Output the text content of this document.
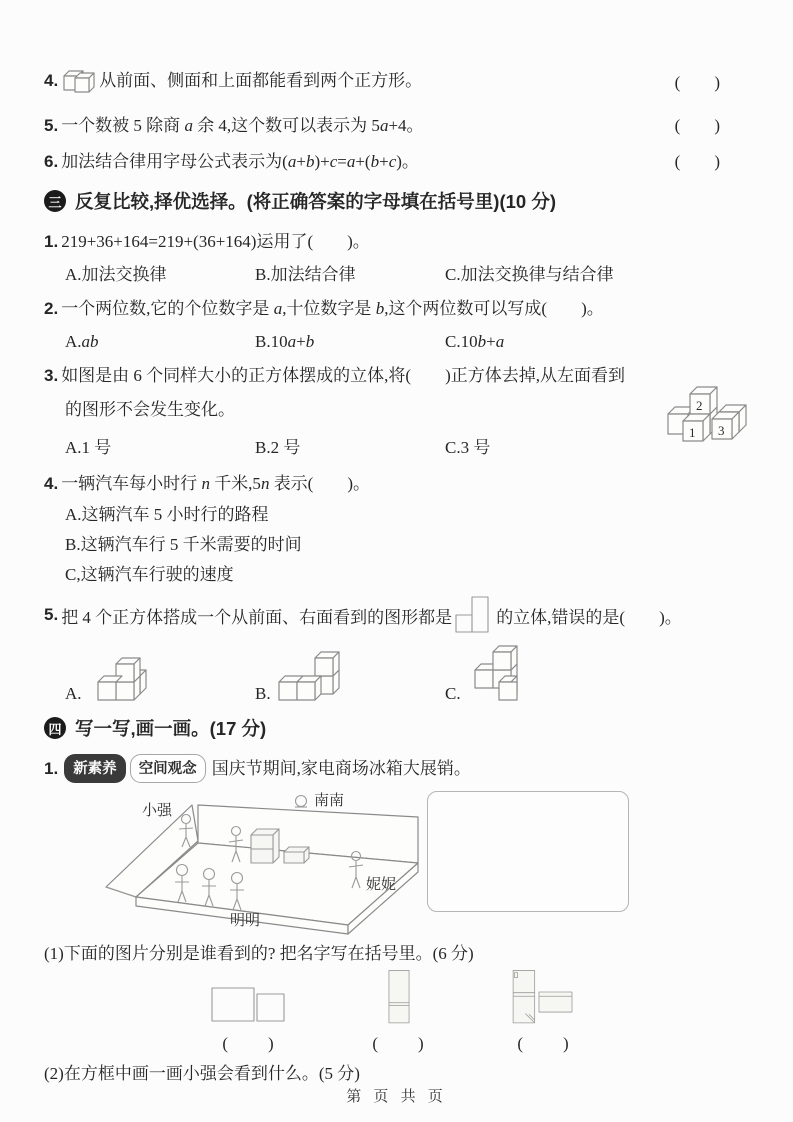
4. 从前面、侧面和上面都能看到两个正方形。	(　　)
5. 一个数被 5 除商 a 余 4,这个数可以表示为 5a+4。	(　　)
6. 加法结合律用字母公式表示为(a+b)+c=a+(b+c)。	(　　)
三 反复比较,择优选择。(将正确答案的字母填在括号里)(10 分)
1. 219+36+164=219+(36+164)运用了(　　)。
A.加法交换律	B.加法结合律	C.加法交换律与结合律
2. 一个两位数,它的个位数字是 a,十位数字是 b,这个两位数可以写成(　　)。
A.ab	B.10a+b	C.10b+a
3. 如图是由 6 个同样大小的正方体摆成的立体,将(　　)正方体去掉,从左面看到
的图形不会发生变化。
A.1 号	B.2 号	C.3 号
4. 一辆汽车每小时行 n 千米,5n 表示(　　)。
A.这辆汽车 5 小时行的路程
B.这辆汽车行 5 千米需要的时间
C,这辆汽车行驶的速度
5. 把 4 个正方体搭成一个从前面、右面看到的图形都是	的立体,错误的是(　　)。
A.	B.	C.
四 写一写,画一画。(17 分)
1.	新素养	空间观念 国庆节期间,家电商场冰箱大展销。
小强
南南
妮妮
明明
(1)下面的图片分别是谁看到的? 把名字写在括号里。(6 分)
(　　)	(　　)	(　　)
(2)在方框中画一画小强会看到什么。(5 分)
2
3
1
第 页 共 页
